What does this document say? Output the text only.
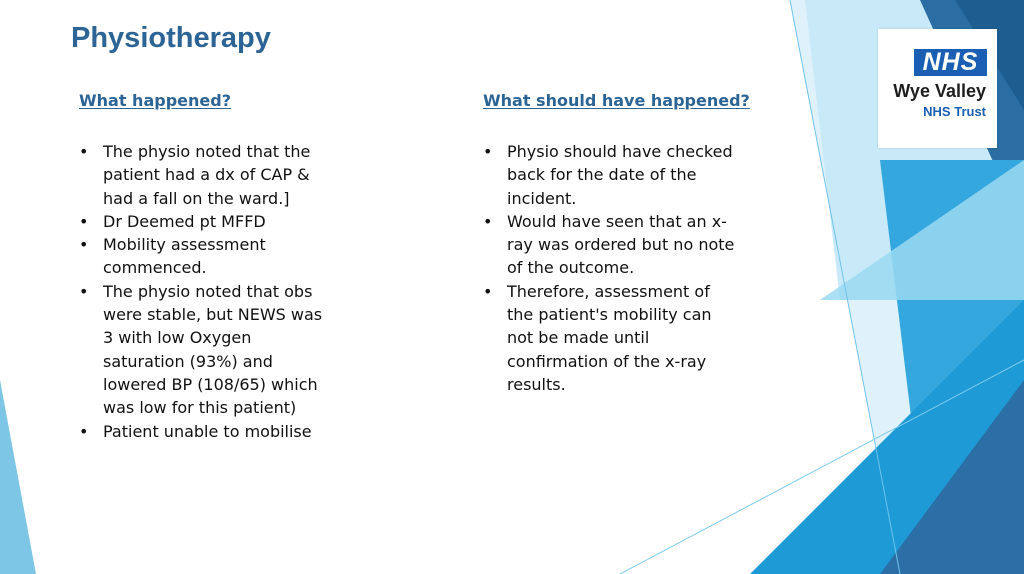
Physiotherapy
What happened?
• The physio noted that the
patient had a dx of CAP &
had a fall on the ward.]
• Dr Deemed pt MFFD
• Mobility assessment
commenced.
• The physio noted that obs
were stable, but NEWS was
3 with low Oxygen
saturation (93%) and
lowered BP (108/65) which
was low for this patient)
• Patient unable to mobilise
What should have happened?
• Physio should have checked
back for the date of the
incident.
• Would have seen that an x-
ray was ordered but no note
of the outcome.
• Therefore, assessment of
the patient's mobility can
not be made until
confirmation of the x-ray
results.
NHS
Wye Valley
NHS Trust
